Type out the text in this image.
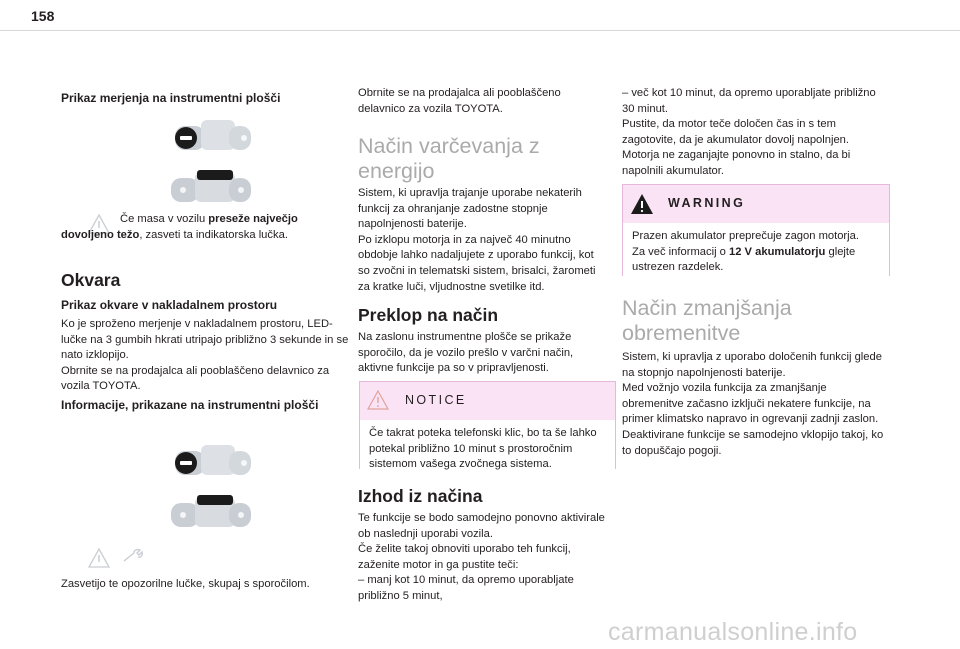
158
Prikaz merjenja na instrumentni plošči
Če masa v vozilu preseže največjo dovoljeno težo, zasveti ta indikatorska lučka.
Okvara
Prikaz okvare v nakladalnem prostoru
Ko je sproženo merjenje v nakladalnem prostoru, LED-lučke na 3 gumbih hkrati utripajo približno 3 sekunde in se nato izklopijo.
Obrnite se na prodajalca ali pooblaščeno delavnico za vozila TOYOTA.
Informacije, prikazane na instrumentni plošči
Zasvetijo te opozorilne lučke, skupaj s sporočilom.
Obrnite se na prodajalca ali pooblaščeno delavnico za vozila TOYOTA.
Način varčevanja z energijo
Sistem, ki upravlja trajanje uporabe nekaterih funkcij za ohranjanje zadostne stopnje napolnjenosti baterije.
Po izklopu motorja in za največ 40 minutno obdobje lahko nadaljujete z uporabo funkcij, kot so zvočni in telematski sistem, brisalci, žarometi za kratke luči, vljudnostne svetilke itd.
Preklop na način
Na zaslonu instrumentne plošče se prikaže sporočilo, da je vozilo prešlo v varčni način, aktivne funkcije pa so v pripravljenosti.
NOTICE
Če takrat poteka telefonski klic, bo ta še lahko potekal približno 10 minut s prostoročnim sistemom vašega zvočnega sistema.
Izhod iz načina
Te funkcije se bodo samodejno ponovno aktivirale ob naslednji uporabi vozila.
Če želite takoj obnoviti uporabo teh funkcij, zaženite motor in ga pustite teči:
– manj kot 10 minut, da opremo uporabljate približno 5 minut,
– več kot 10 minut, da opremo uporabljate približno 30 minut.
Pustite, da motor teče določen čas in s tem zagotovite, da je akumulator dovolj napolnjen.
Motorja ne zaganjajte ponovno in stalno, da bi napolnili akumulator.
WARNING
Prazen akumulator preprečuje zagon motorja.
Za več informacij o 12 V akumulatorju glejte ustrezen razdelek.
Način zmanjšanja obremenitve
Sistem, ki upravlja z uporabo določenih funkcij glede na stopnjo napolnjenosti baterije.
Med vožnjo vozila funkcija za zmanjšanje obremenitve začasno izključi nekatere funkcije, na primer klimatsko napravo in ogrevanji zadnji zaslon.
Deaktivirane funkcije se samodejno vklopijo takoj, ko to dopuščajo pogoji.
carmanualsonline.info
